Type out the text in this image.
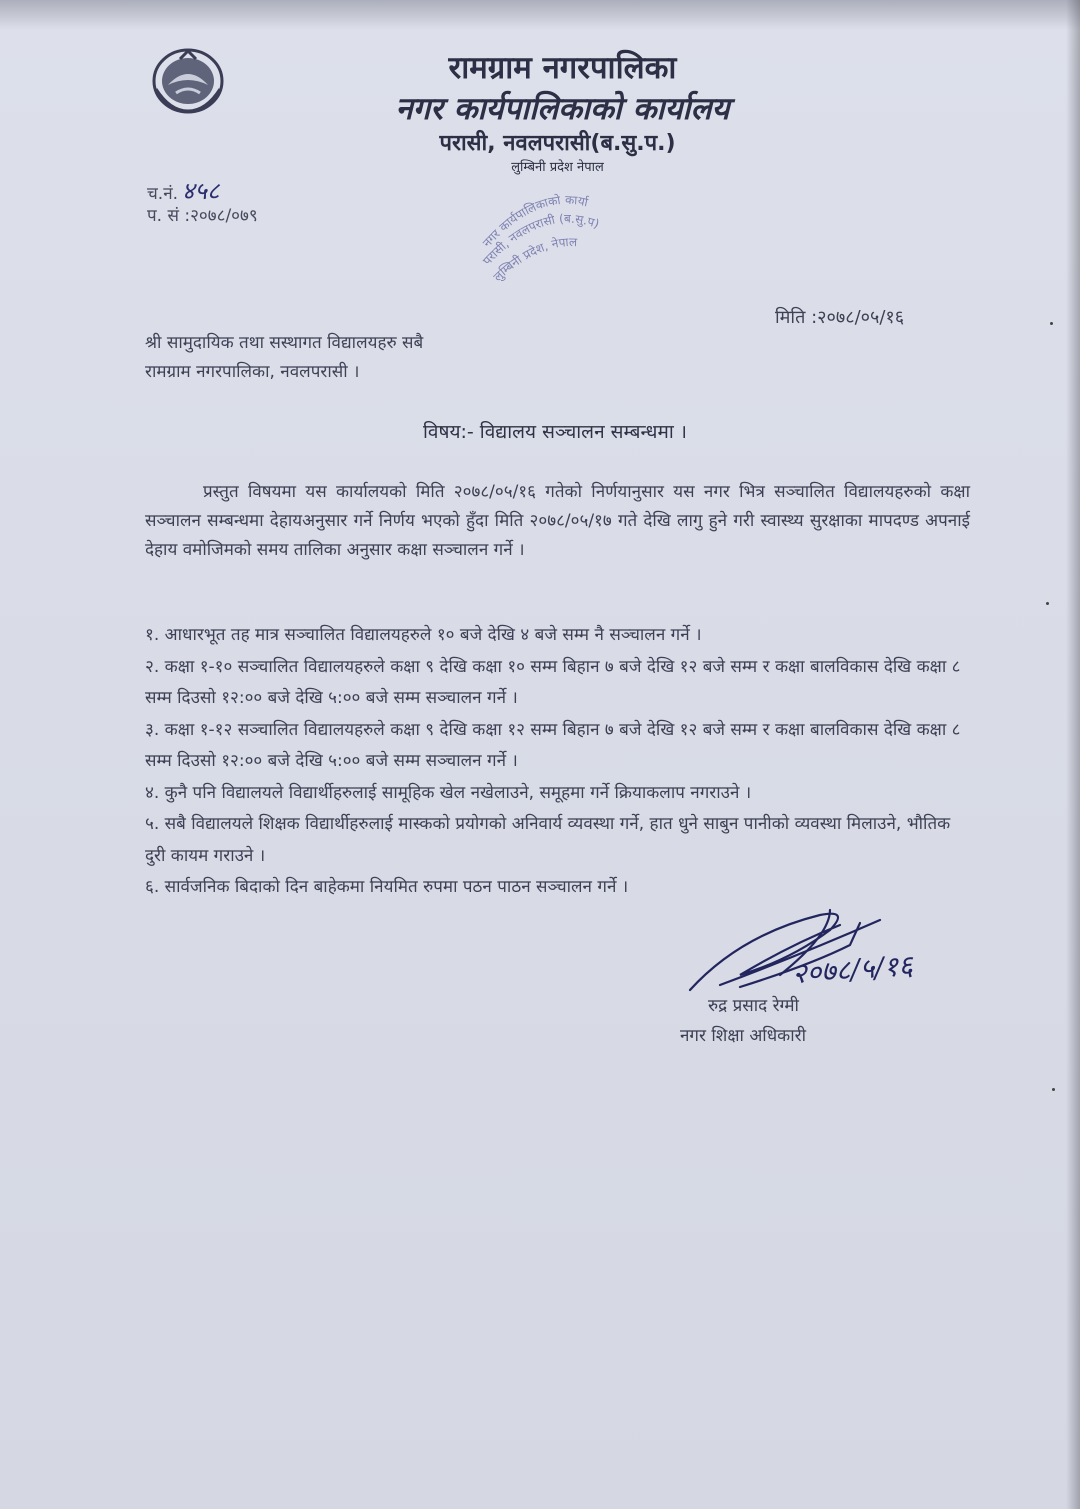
रामग्राम नगरपालिका
नगर कार्यपालिकाको कार्यालय
परासी, नवलपरासी(ब.सु.प.)
लुम्बिनी प्रदेश नेपाल
च.नं. ४५८
प. सं :२०७८/०७९
नगर कार्यपालिकाको कार्या
परासी, नवलपरासी (ब.सु.प)
लुम्बिनी प्रदेश, नेपाल
मिति :२०७८/०५/१६
श्री सामुदायिक तथा सस्थागत विद्यालयहरु सबै
रामग्राम नगरपालिका, नवलपरासी ।
विषय:- विद्यालय सञ्चालन सम्बन्धमा ।
प्रस्तुत विषयमा यस कार्यालयको मिति २०७८/०५/१६ गतेको निर्णयानुसार यस नगर भित्र सञ्चालित विद्यालयहरुको कक्षा सञ्चालन सम्बन्धमा देहायअनुसार गर्ने निर्णय भएको हुँदा मिति २०७८/०५/१७ गते देखि लागु हुने गरी स्वास्थ्य सुरक्षाका मापदण्ड अपनाई देहाय वमोजिमको समय तालिका अनुसार कक्षा सञ्चालन गर्ने ।
१. आधारभूत तह मात्र सञ्चालित विद्यालयहरुले १० बजे देखि ४ बजे सम्म नै सञ्चालन गर्ने ।
२. कक्षा १-१० सञ्चालित विद्यालयहरुले कक्षा ९ देखि कक्षा १० सम्म बिहान ७ बजे देखि १२ बजे सम्म र कक्षा बालविकास देखि कक्षा ८ सम्म दिउसो १२:०० बजे देखि ५:०० बजे सम्म सञ्चालन गर्ने ।
३. कक्षा १-१२ सञ्चालित विद्यालयहरुले कक्षा ९ देखि कक्षा १२ सम्म बिहान ७ बजे देखि १२ बजे सम्म र कक्षा बालविकास देखि कक्षा ८ सम्म दिउसो १२:०० बजे देखि ५:०० बजे सम्म सञ्चालन गर्ने ।
४. कुनै पनि विद्यालयले विद्यार्थीहरुलाई सामूहिक खेल नखेलाउने, समूहमा गर्ने क्रियाकलाप नगराउने ।
५. सबै विद्यालयले शिक्षक विद्यार्थीहरुलाई मास्कको प्रयोगको अनिवार्य व्यवस्था गर्ने, हात धुने साबुन पानीको व्यवस्था मिलाउने, भौतिक दुरी कायम गराउने ।
६. सार्वजनिक बिदाको दिन बाहेकमा नियमित रुपमा पठन पाठन सञ्चालन गर्ने ।
२०७८/५/१६
रुद्र प्रसाद रेग्मी
नगर शिक्षा अधिकारी
